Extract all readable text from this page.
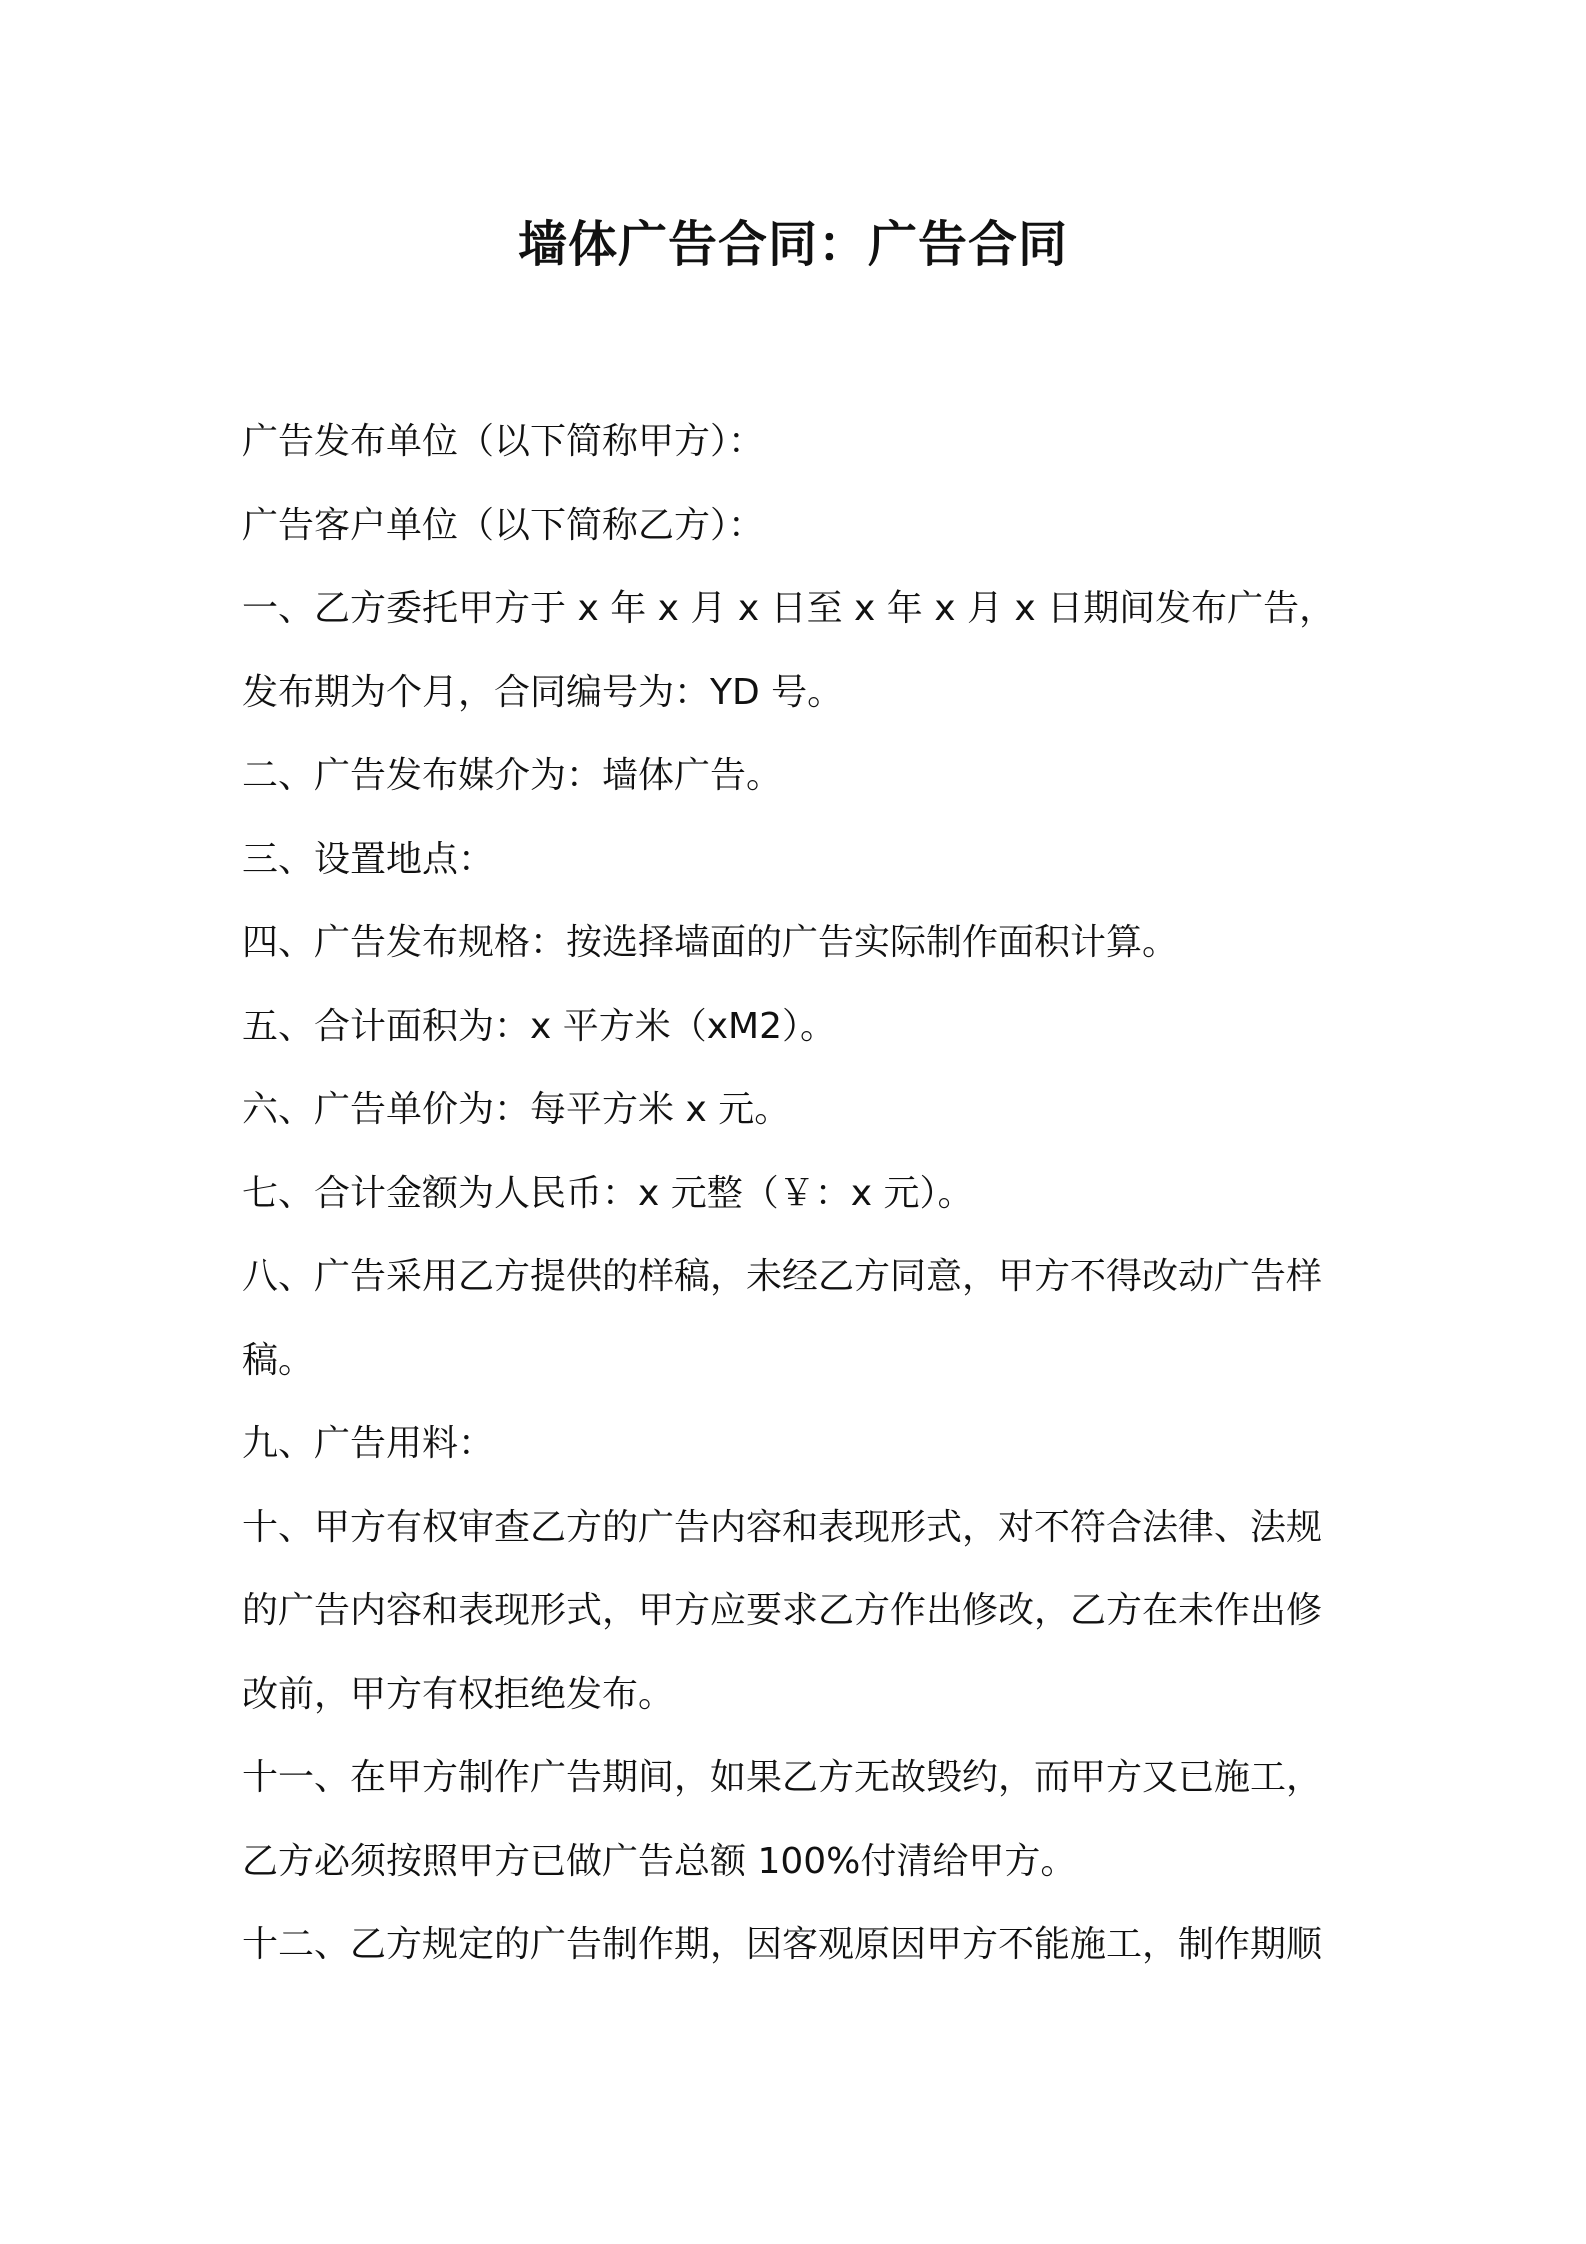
墙体广告合同：广告合同
广告发布单位（以下简称甲方）：
广告客户单位（以下简称乙方）：
一、乙方委托甲方于 x 年 x 月 x 日至 x 年 x 月 x 日期间发布广告，
发布期为个月，合同编号为：YD 号。
二、广告发布媒介为：墙体广告。
三、设置地点：
四、广告发布规格：按选择墙面的广告实际制作面积计算。
五、合计面积为：x 平方米（xM2）。
六、广告单价为：每平方米 x 元。
七、合计金额为人民币：x 元整（￥：x 元）。
八、广告采用乙方提供的样稿，未经乙方同意，甲方不得改动广告样
稿。
九、广告用料：
十、甲方有权审查乙方的广告内容和表现形式，对不符合法律、法规
的广告内容和表现形式，甲方应要求乙方作出修改，乙方在未作出修
改前，甲方有权拒绝发布。
十一、在甲方制作广告期间，如果乙方无故毁约，而甲方又已施工，
乙方必须按照甲方已做广告总额 100%付清给甲方。
十二、乙方规定的广告制作期，因客观原因甲方不能施工，制作期顺
